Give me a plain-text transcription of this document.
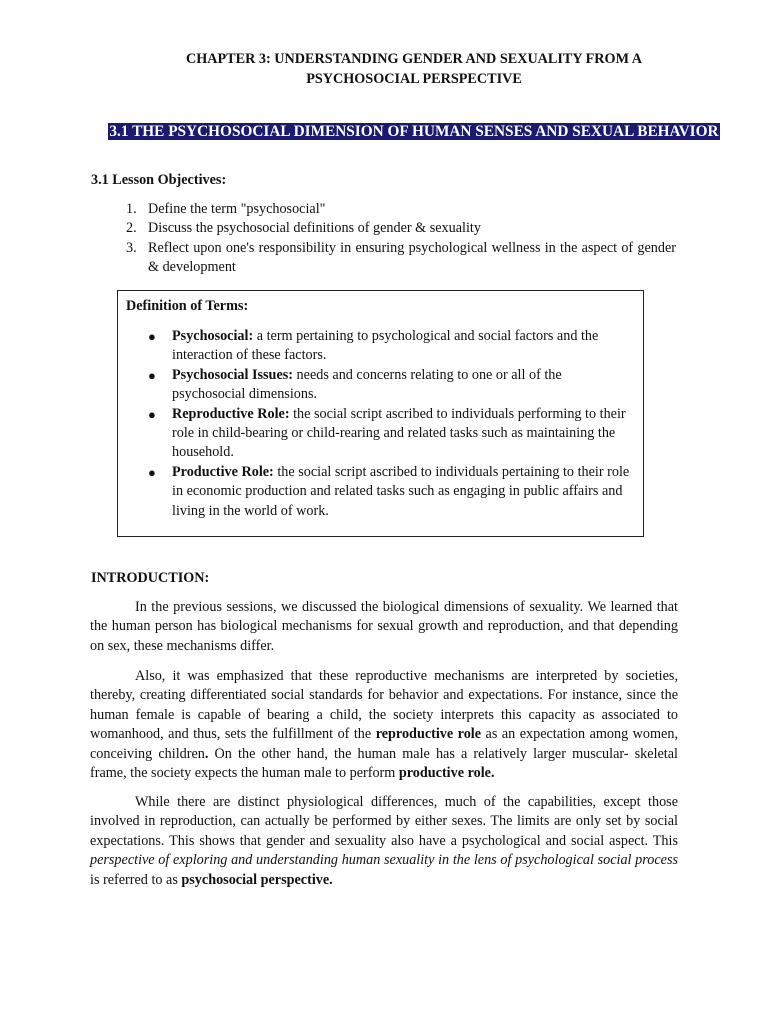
CHAPTER 3: UNDERSTANDING GENDER AND SEXUALITY FROM A
PSYCHOSOCIAL PERSPECTIVE
3.1 THE PSYCHOSOCIAL DIMENSION OF HUMAN SENSES AND SEXUAL BEHAVIOR
3.1 Lesson Objectives:
1. Define the term "psychosocial"
2. Discuss the psychosocial definitions of gender & sexuality
3. Reflect upon one's responsibility in ensuring psychological wellness in the aspect of gender & development
Definition of Terms:
● Psychosocial: a term pertaining to psychological and social factors and the interaction of these factors.
● Psychosocial Issues: needs and concerns relating to one or all of the psychosocial dimensions.
● Reproductive Role: the social script ascribed to individuals performing to their role in child-bearing or child-rearing and related tasks such as maintaining the household.
● Productive Role: the social script ascribed to individuals pertaining to their role in economic production and related tasks such as engaging in public affairs and living in the world of work.
INTRODUCTION:

In the previous sessions, we discussed the biological dimensions of sexuality. We learned that the human person has biological mechanisms for sexual growth and reproduction, and that depending on sex, these mechanisms differ.

Also, it was emphasized that these reproductive mechanisms are interpreted by societies, thereby, creating differentiated social standards for behavior and expectations. For instance, since the human female is capable of bearing a child, the society interprets this capacity as associated to womanhood, and thus, sets the fulfillment of the reproductive role as an expectation among women, conceiving children. On the other hand, the human male has a relatively larger muscular- skeletal frame, the society expects the human male to perform productive role.

While there are distinct physiological differences, much of the capabilities, except those involved in reproduction, can actually be performed by either sexes. The limits are only set by social expectations. This shows that gender and sexuality also have a psychological and social aspect. This perspective of exploring and understanding human sexuality in the lens of psychological social process is referred to as psychosocial perspective.
